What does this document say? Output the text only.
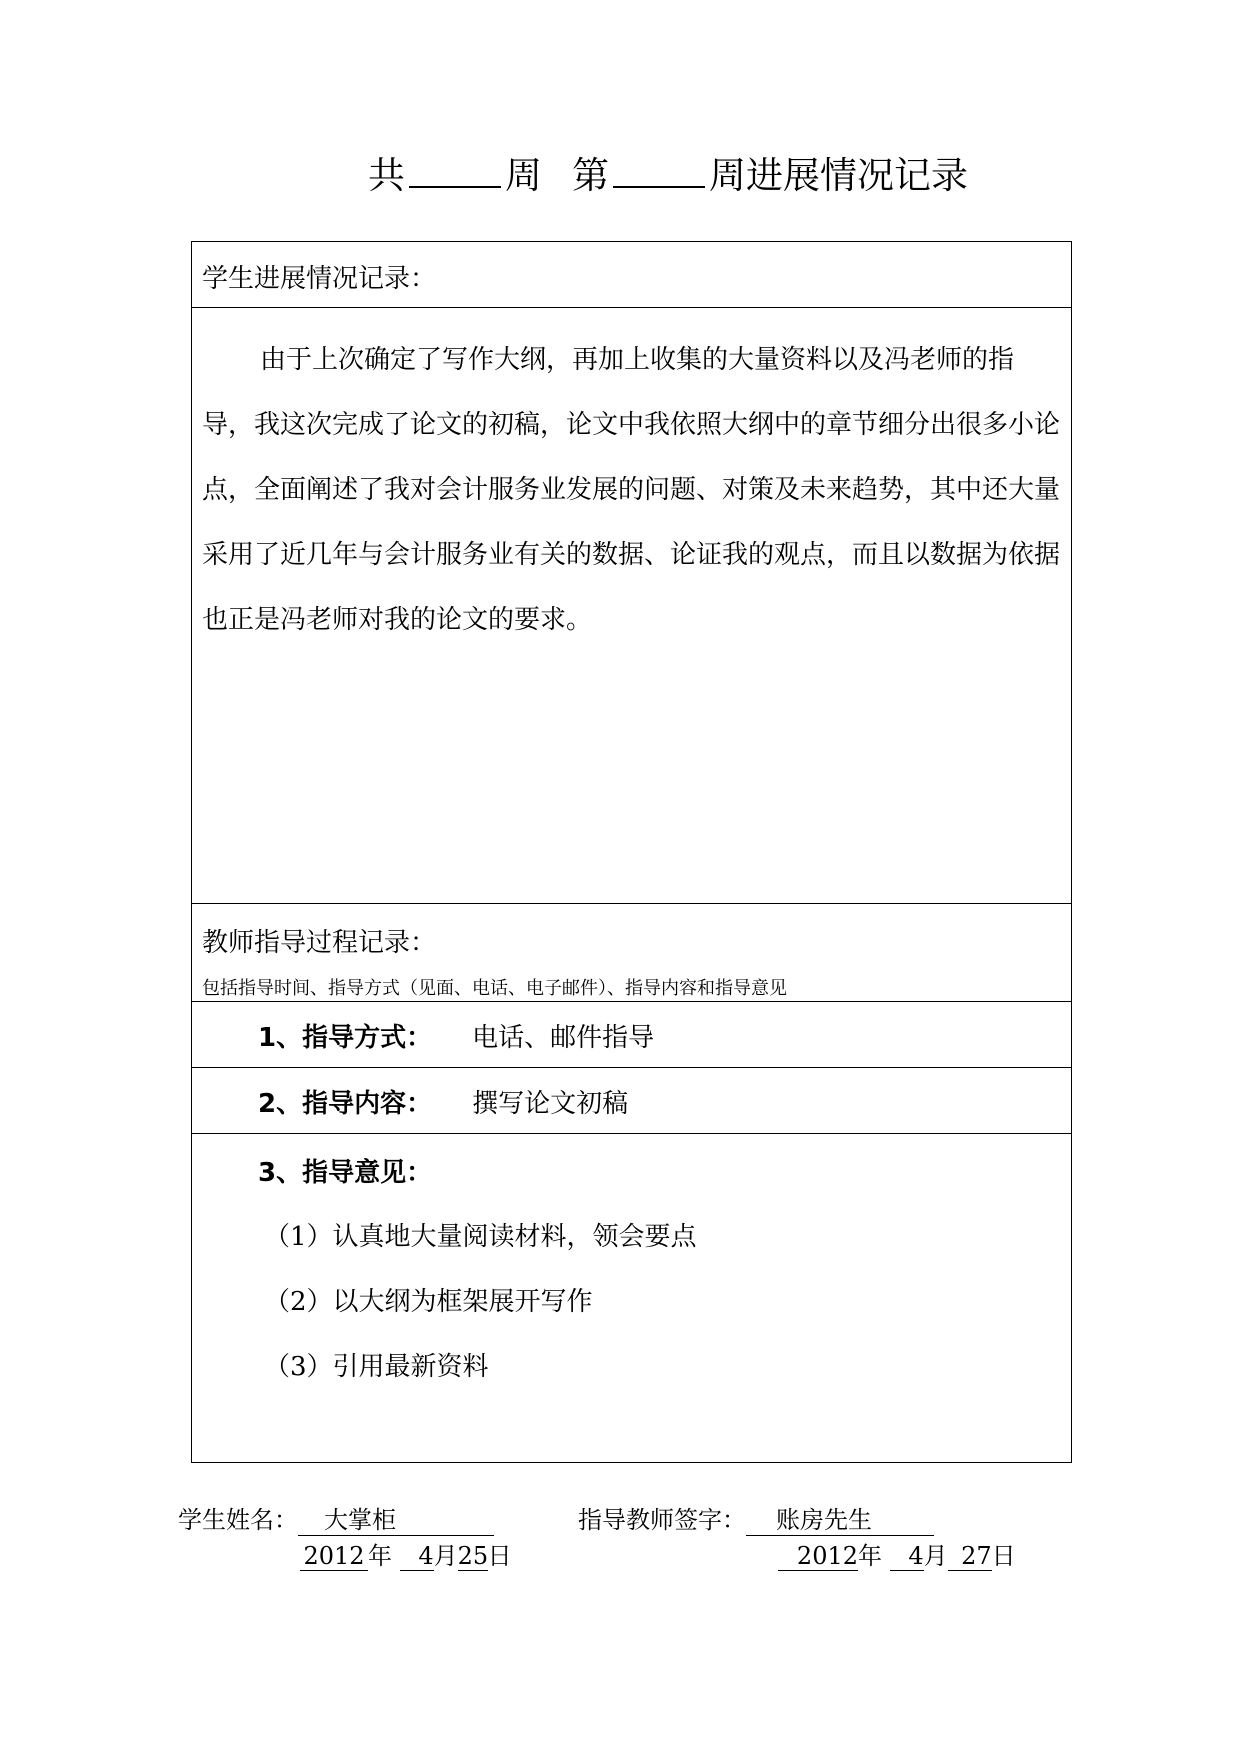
共	周 第	周进展情况记录
学生进展情况记录：

由于上次确定了写作大纲，再加上收集的大量资料以及冯老师的指导，我这次完成了论文的初稿，论文中我依照大纲中的章节细分出很多小论点，全面阐述了我对会计服务业发展的问题、对策及未来趋势，其中还大量采用了近几年与会计服务业有关的数据、论证我的观点，而且以数据为依据也正是冯老师对我的论文的要求。

教师指导过程记录：
包括指导时间、指导方式（见面、电话、电子邮件）、指导内容和指导意见
1、指导方式： 电话、邮件指导
2、指导内容： 撰写论文初稿
3、指导意见：
（1）认真地大量阅读材料，领会要点
（2）以大纲为框架展开写作
（3）引用最新资料
学生姓名： 大掌柜
2012 年 4月25日
指导教师签字： 账房先生
2012年 4月 27日
